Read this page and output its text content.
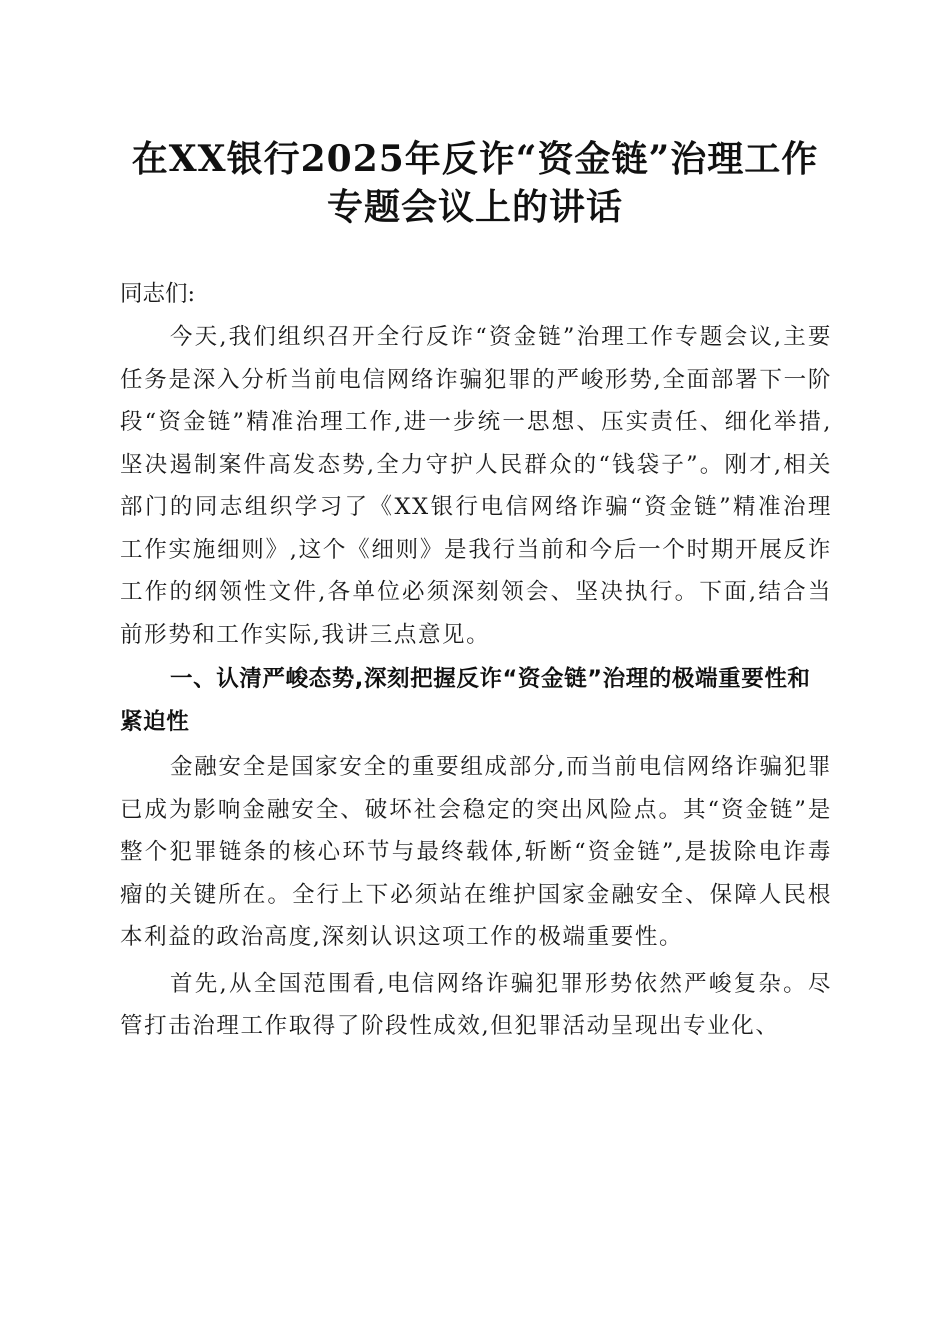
在XX银行2025年反诈“资金链”治理工作
专题会议上的讲话

同志们:

今天,我们组织召开全行反诈“资金链”治理工作专题会议,主要任务是深入分析当前电信网络诈骗犯罪的严峻形势,全面部署下一阶段“资金链”精准治理工作,进一步统一思想、压实责任、细化举措,坚决遏制案件高发态势,全力守护人民群众的“钱袋子”。刚才,相关部门的同志组织学习了《XX银行电信网络诈骗“资金链”精准治理工作实施细则》,这个《细则》是我行当前和今后一个时期开展反诈工作的纲领性文件,各单位必须深刻领会、坚决执行。下面,结合当前形势和工作实际,我讲三点意见。

一、认清严峻态势,深刻把握反诈“资金链”治理的极端重要性和紧迫性

金融安全是国家安全的重要组成部分,而当前电信网络诈骗犯罪已成为影响金融安全、破坏社会稳定的突出风险点。其“资金链”是整个犯罪链条的核心环节与最终载体,斩断“资金链”,是拔除电诈毒瘤的关键所在。全行上下必须站在维护国家金融安全、保障人民根本利益的政治高度,深刻认识这项工作的极端重要性。

首先,从全国范围看,电信网络诈骗犯罪形势依然严峻复杂。尽管打击治理工作取得了阶段性成效,但犯罪活动呈现出专业化、
